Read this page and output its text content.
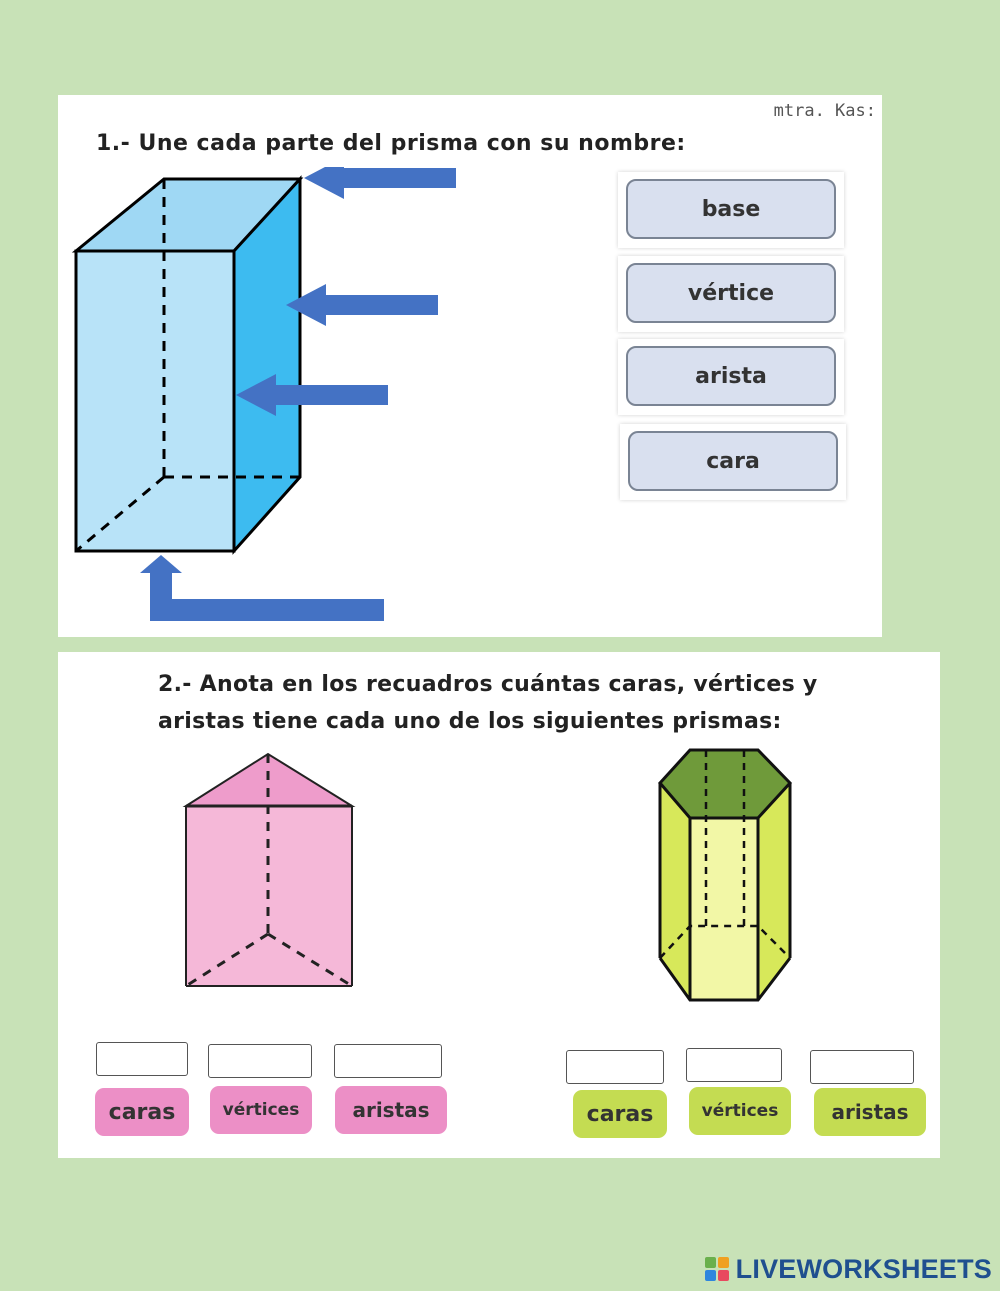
mtra. Kas:
1.- Une cada parte del prisma con su nombre:
base
vértice
arista
cara
2.- Anota en los recuadros cuántas caras, vértices y aristas tiene cada uno de los siguientes prismas:
caras	vértices	aristas	caras	vértices	aristas
LIVEWORKSHEETS
